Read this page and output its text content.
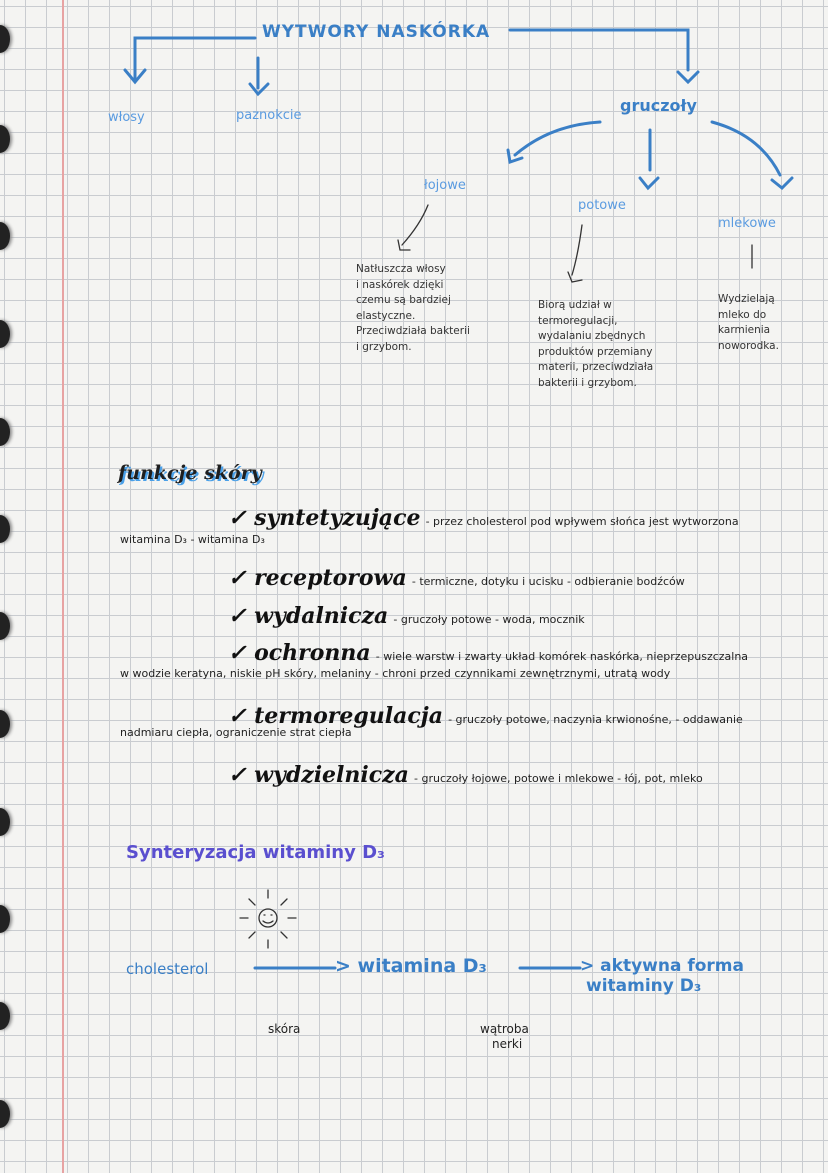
WYTWORY NASKÓRKA
włosy	paznokcie
gruczoły
łojowe
potowe
mlekowe
Natłuszcza włosy
i naskórek dzięki
czemu są bardziej
elastyczne.
Przeciwdziała bakterii
i grzybom.
Biorą udział w
termoregulacji,
wydalaniu zbędnych
produktów przemiany
materii, przeciwdziała
bakterii i grzybom.
Wydzielają
mleko do
karmienia
noworodka.
funkcje skóry
✓ syntetyzujące - przez cholesterol pod wpływem słońca jest wytworzona
witamina D₃ - witamina D₃
✓ receptorowa - termiczne, dotyku i ucisku - odbieranie bodźców
✓ wydalnicza - gruczoły potowe - woda, mocznik
✓ ochronna - wiele warstw i zwarty układ komórek naskórka, nieprzepuszczalna
w wodzie keratyna, niskie pH skóry, melaniny - chroni przed czynnikami zewnętrznymi, utratą wody
✓ termoregulacja - gruczoły potowe, naczynia krwionośne, - oddawanie
nadmiaru ciepła, ograniczenie strat ciepła
✓ wydzielnicza - gruczoły łojowe, potowe i mlekowe - łój, pot, mleko
Synteryzacja witaminy D₃
cholesterol	> witamina D₃	> aktywna forma
witaminy D₃
skóra	wątroba
nerki
